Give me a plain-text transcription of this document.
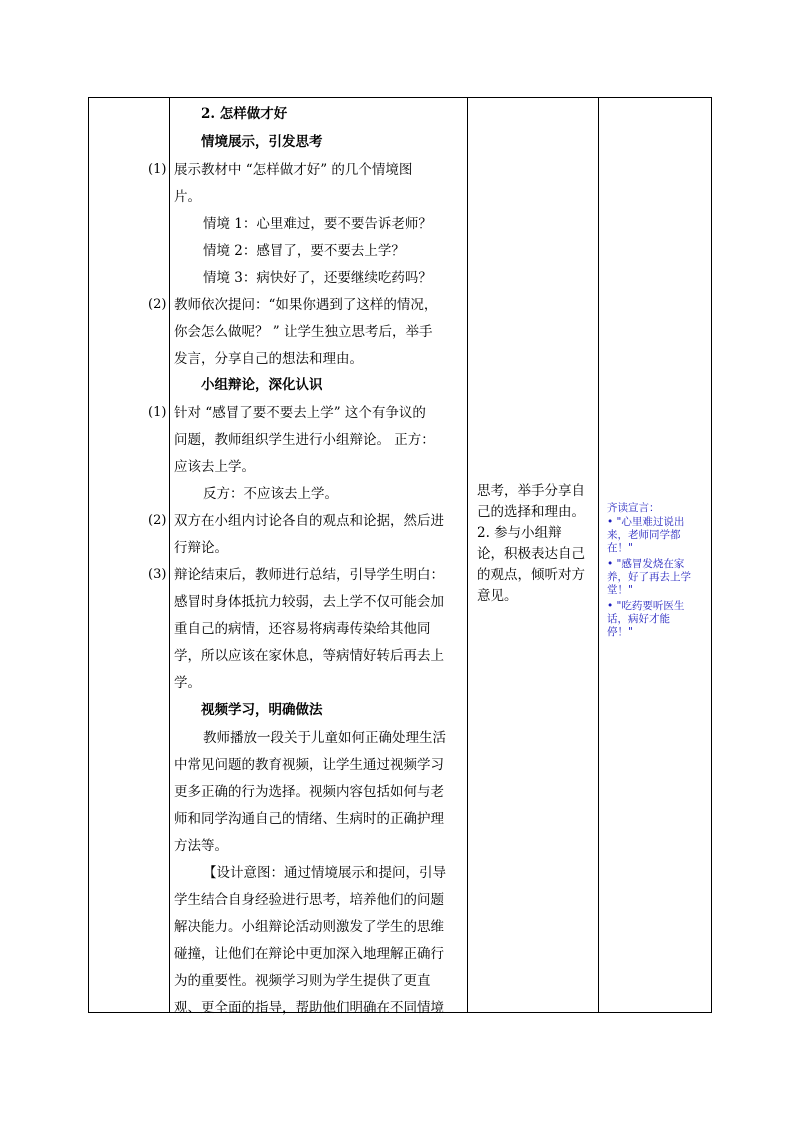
2. 怎样做才好
情境展示，引发思考
(1) 展示教材中 “怎样做才好” 的几个情境图
片。
情境 1：心里难过，要不要告诉老师？
情境 2：感冒了，要不要去上学？
情境 3：病快好了，还要继续吃药吗？
(2) 教师依次提问：“如果你遇到了这样的情况，
你会怎么做呢？ ” 让学生独立思考后，举手
发言，分享自己的想法和理由。
小组辩论，深化认识
(1) 针对 “感冒了要不要去上学” 这个有争议的
问题，教师组织学生进行小组辩论。 正方：
应该去上学。
反方：不应该去上学。
(2) 双方在小组内讨论各自的观点和论据，然后进
行辩论。
(3) 辩论结束后，教师进行总结，引导学生明白：
感冒时身体抵抗力较弱，去上学不仅可能会加
重自己的病情，还容易将病毒传染给其他同
学，所以应该在家休息，等病情好转后再去上
学。
视频学习，明确做法
教师播放一段关于儿童如何正确处理生活
中常见问题的教育视频，让学生通过视频学习
更多正确的行为选择。视频内容包括如何与老
师和同学沟通自己的情绪、生病时的正确护理
方法等。
【设计意图：通过情境展示和提问，引导
学生结合自身经验进行思考，培养他们的问题
解决能力。小组辩论活动则激发了学生的思维
碰撞，让他们在辩论中更加深入地理解正确行
为的重要性。视频学习则为学生提供了更直
观、更全面的指导，帮助他们明确在不同情境
思考，举手分享自
己的选择和理由。
2. 参与小组辩
论，积极表达自己
的观点，倾听对方
意见。
齐读宣言：
• "心里难过说出
来，老师同学都
在！"
• "感冒发烧在家
养，好了再去上学
堂！"
• "吃药要听医生
话，病好才能
停！"
